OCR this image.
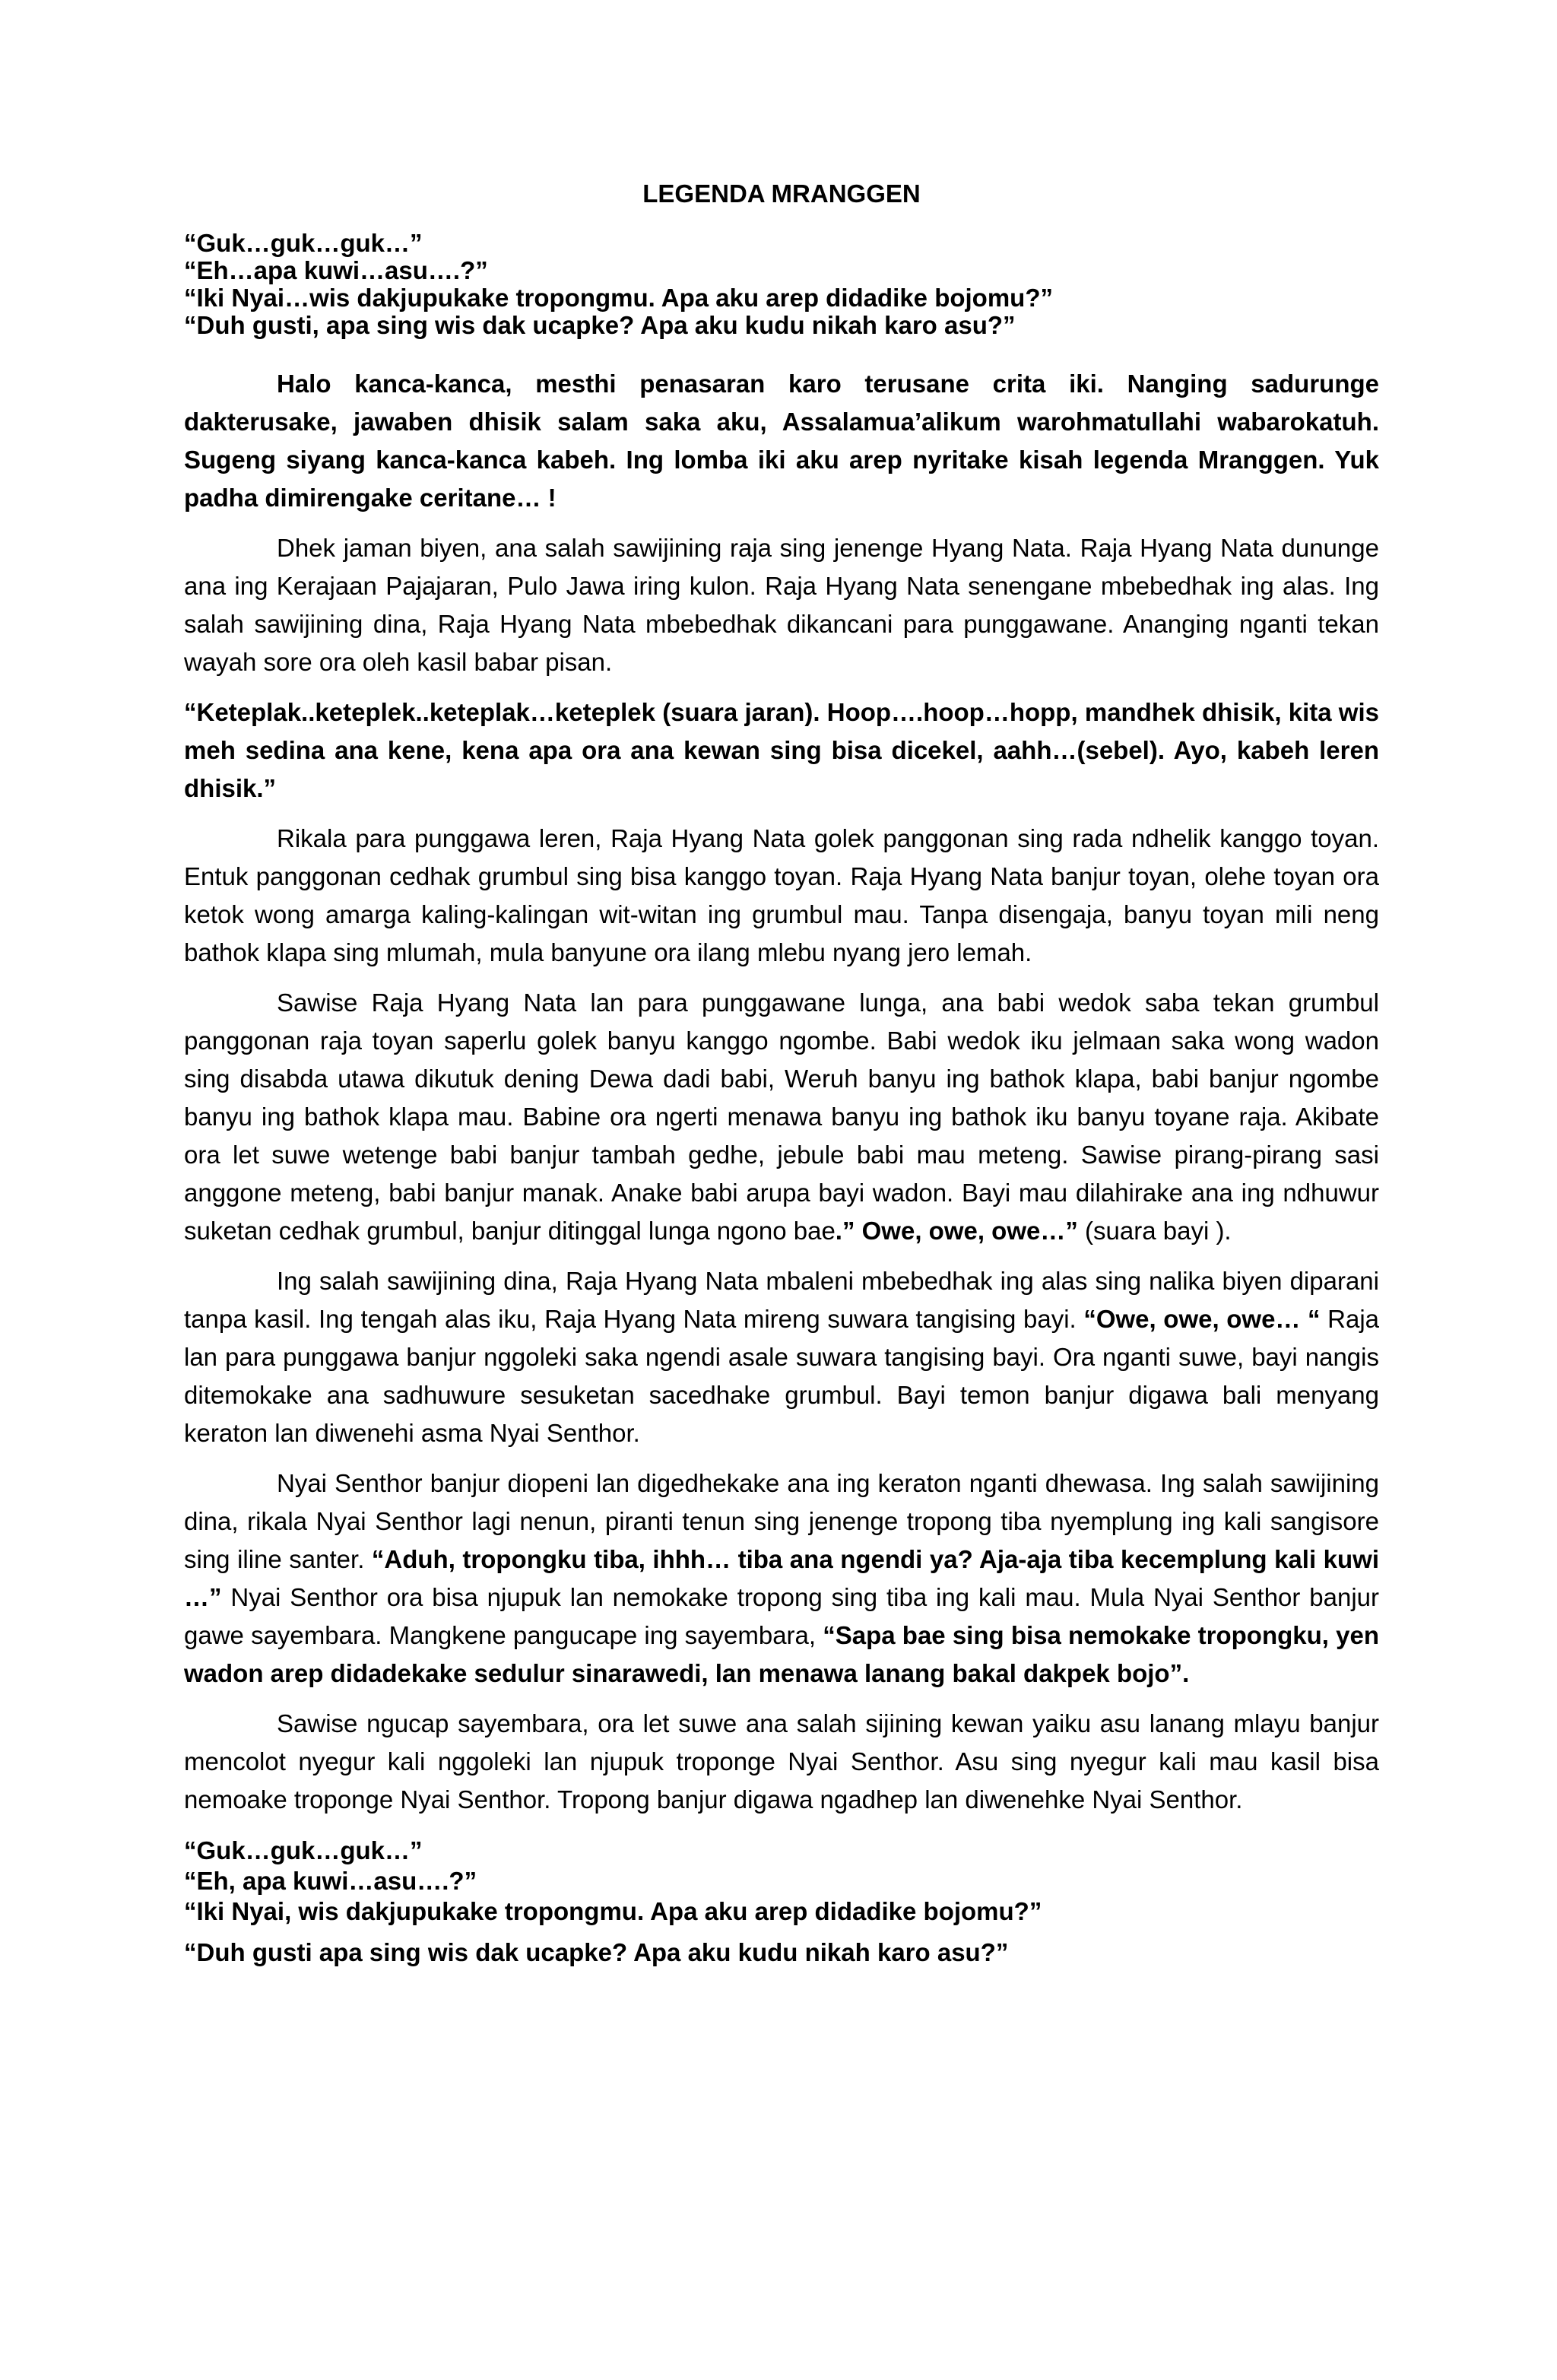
LEGENDA MRANGGEN
“Guk…guk…guk…”
“Eh…apa kuwi…asu….?”
“Iki Nyai…wis dakjupukake tropongmu. Apa aku arep didadike bojomu?”
“Duh gusti, apa sing wis dak ucapke? Apa aku kudu nikah karo asu?”

Halo kanca-kanca, mesthi penasaran karo terusane crita iki. Nanging sadurunge dakterusake, jawaben dhisik salam saka aku, Assalamua’alikum warohmatullahi wabarokatuh. Sugeng siyang kanca-kanca kabeh. Ing lomba iki aku arep nyritake kisah legenda Mranggen. Yuk padha dimirengake ceritane… !

Dhek jaman biyen, ana salah sawijining raja sing jenenge Hyang Nata. Raja Hyang Nata dununge ana ing Kerajaan Pajajaran, Pulo Jawa iring kulon. Raja Hyang Nata senengane mbebedhak ing alas. Ing salah sawijining dina, Raja Hyang Nata mbebedhak dikancani para punggawane. Ananging nganti tekan wayah sore ora oleh kasil babar pisan.

“Keteplak..keteplek..keteplak…keteplek (suara jaran). Hoop….hoop…hopp, mandhek dhisik, kita wis meh sedina ana kene, kena apa ora ana kewan sing bisa dicekel, aahh…(sebel). Ayo, kabeh leren dhisik.”

Rikala para punggawa leren, Raja Hyang Nata golek panggonan sing rada ndhelik kanggo toyan. Entuk panggonan cedhak grumbul sing bisa kanggo toyan. Raja Hyang Nata banjur toyan, olehe toyan ora ketok wong amarga kaling-kalingan wit-witan ing grumbul mau. Tanpa disengaja, banyu toyan mili neng bathok klapa sing mlumah, mula banyune ora ilang mlebu nyang jero lemah.

Sawise Raja Hyang Nata lan para punggawane lunga, ana babi wedok saba tekan grumbul panggonan raja toyan saperlu golek banyu kanggo ngombe. Babi wedok iku jelmaan saka wong wadon sing disabda utawa dikutuk dening Dewa dadi babi, Weruh banyu ing bathok klapa, babi banjur ngombe banyu ing bathok klapa mau. Babine ora ngerti menawa banyu ing bathok iku banyu toyane raja. Akibate ora let suwe wetenge babi banjur tambah gedhe, jebule babi mau meteng. Sawise pirang-pirang sasi anggone meteng, babi banjur manak. Anake babi arupa bayi wadon. Bayi mau dilahirake ana ing ndhuwur suketan cedhak grumbul, banjur ditinggal lunga ngono bae.” Owe, owe, owe…” (suara bayi ).

Ing salah sawijining dina, Raja Hyang Nata mbaleni mbebedhak ing alas sing nalika biyen diparani tanpa kasil. Ing tengah alas iku, Raja Hyang Nata mireng suwara tangising bayi. “Owe, owe, owe… “ Raja lan para punggawa banjur nggoleki saka ngendi asale suwara tangising bayi. Ora nganti suwe, bayi nangis ditemokake ana sadhuwure sesuketan sacedhake grumbul. Bayi temon banjur digawa bali menyang keraton lan diwenehi asma Nyai Senthor.

Nyai Senthor banjur diopeni lan digedhekake ana ing keraton nganti dhewasa. Ing salah sawijining dina, rikala Nyai Senthor lagi nenun, piranti tenun sing jenenge tropong tiba nyemplung ing kali sangisore sing iline santer. “Aduh, tropongku tiba, ihhh… tiba ana ngendi ya? Aja-aja tiba kecemplung kali kuwi …” Nyai Senthor ora bisa njupuk lan nemokake tropong sing tiba ing kali mau. Mula Nyai Senthor banjur gawe sayembara. Mangkene pangucape ing sayembara, “Sapa bae sing bisa nemokake tropongku, yen wadon arep didadekake sedulur sinarawedi, lan menawa lanang bakal dakpek bojo”.

Sawise ngucap sayembara, ora let suwe ana salah sijining kewan yaiku asu lanang mlayu banjur mencolot nyegur kali nggoleki lan njupuk troponge Nyai Senthor. Asu sing nyegur kali mau kasil bisa nemoake troponge Nyai Senthor. Tropong banjur digawa ngadhep lan diwenehke Nyai Senthor.

“Guk…guk…guk…”
“Eh, apa kuwi…asu….?”
“Iki Nyai, wis dakjupukake tropongmu. Apa aku arep didadike bojomu?”
“Duh gusti apa sing wis dak ucapke? Apa aku kudu nikah karo asu?”
